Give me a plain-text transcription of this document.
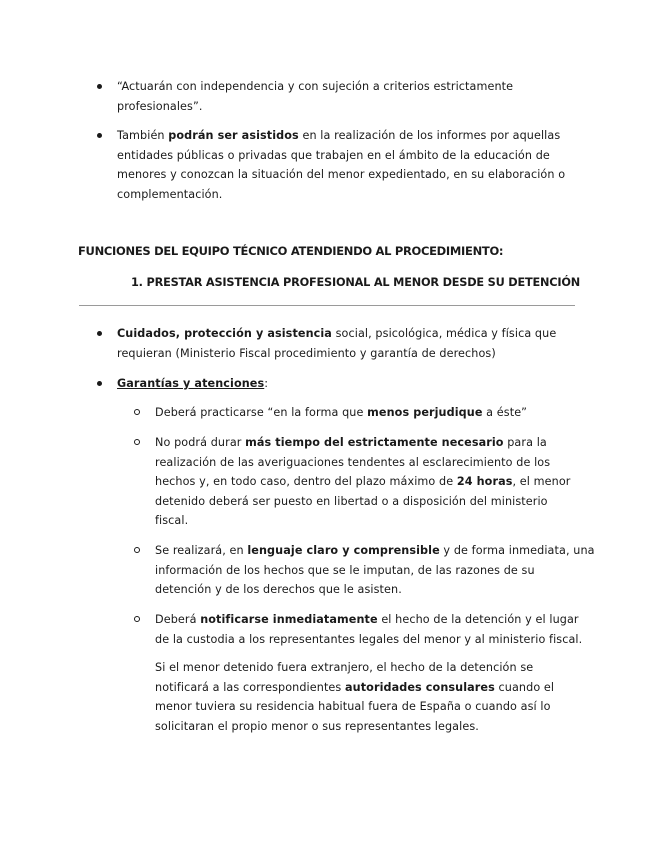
“Actuarán con independencia y con sujeción a criterios estrictamente
profesionales”.
También podrán ser asistidos en la realización de los informes por aquellas
entidades públicas o privadas que trabajen en el ámbito de la educación de
menores y conozcan la situación del menor expedientado, en su elaboración o
complementación.
FUNCIONES DEL EQUIPO TÉCNICO ATENDIENDO AL PROCEDIMIENTO:
1. PRESTAR ASISTENCIA PROFESIONAL AL MENOR DESDE SU DETENCIÓN
Cuidados, protección y asistencia social, psicológica, médica y física que
requieran (Ministerio Fiscal procedimiento y garantía de derechos)
Garantías y atenciones:
Deberá practicarse “en la forma que menos perjudique a éste”
No podrá durar más tiempo del estrictamente necesario para la
realización de las averiguaciones tendentes al esclarecimiento de los
hechos y, en todo caso, dentro del plazo máximo de 24 horas, el menor
detenido deberá ser puesto en libertad o a disposición del ministerio
fiscal.
Se realizará, en lenguaje claro y comprensible y de forma inmediata, una
información de los hechos que se le imputan, de las razones de su
detención y de los derechos que le asisten.
Deberá notificarse inmediatamente el hecho de la detención y el lugar
de la custodia a los representantes legales del menor y al ministerio fiscal.
Si el menor detenido fuera extranjero, el hecho de la detención se
notificará a las correspondientes autoridades consulares cuando el
menor tuviera su residencia habitual fuera de España o cuando así lo
solicitaran el propio menor o sus representantes legales.
